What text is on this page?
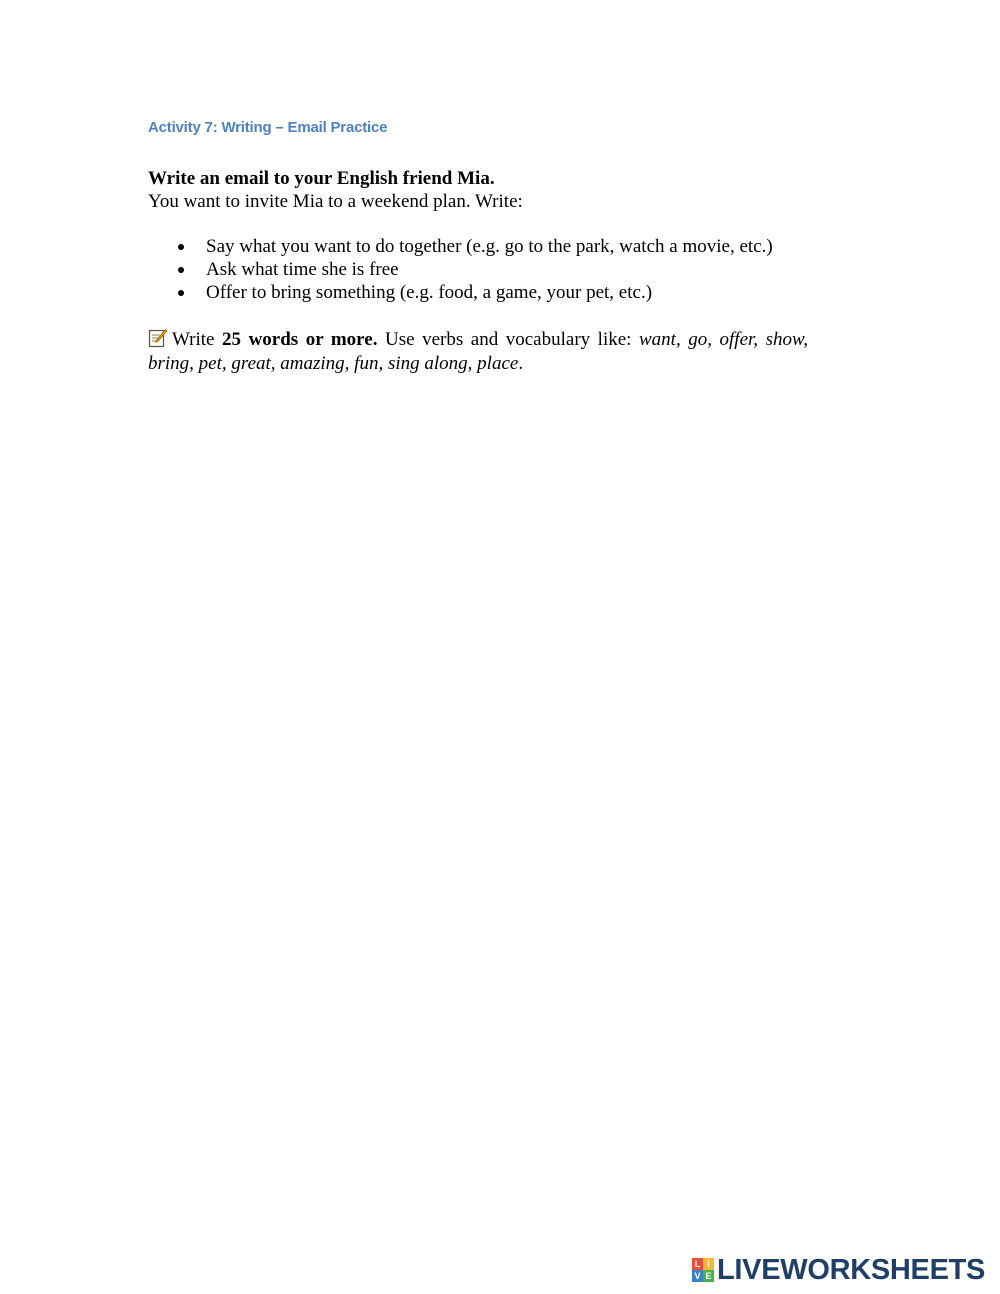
Activity 7: Writing – Email Practice
Write an email to your English friend Mia.
You want to invite Mia to a weekend plan. Write:
Say what you want to do together (e.g. go to the park, watch a movie, etc.)
Ask what time she is free
Offer to bring something (e.g. food, a game, your pet, etc.)
Write 25 words or more. Use verbs and vocabulary like: want, go, offer, show, bring, pet, great, amazing, fun, sing along, place.
L I
V E LIVEWORKSHEETS
